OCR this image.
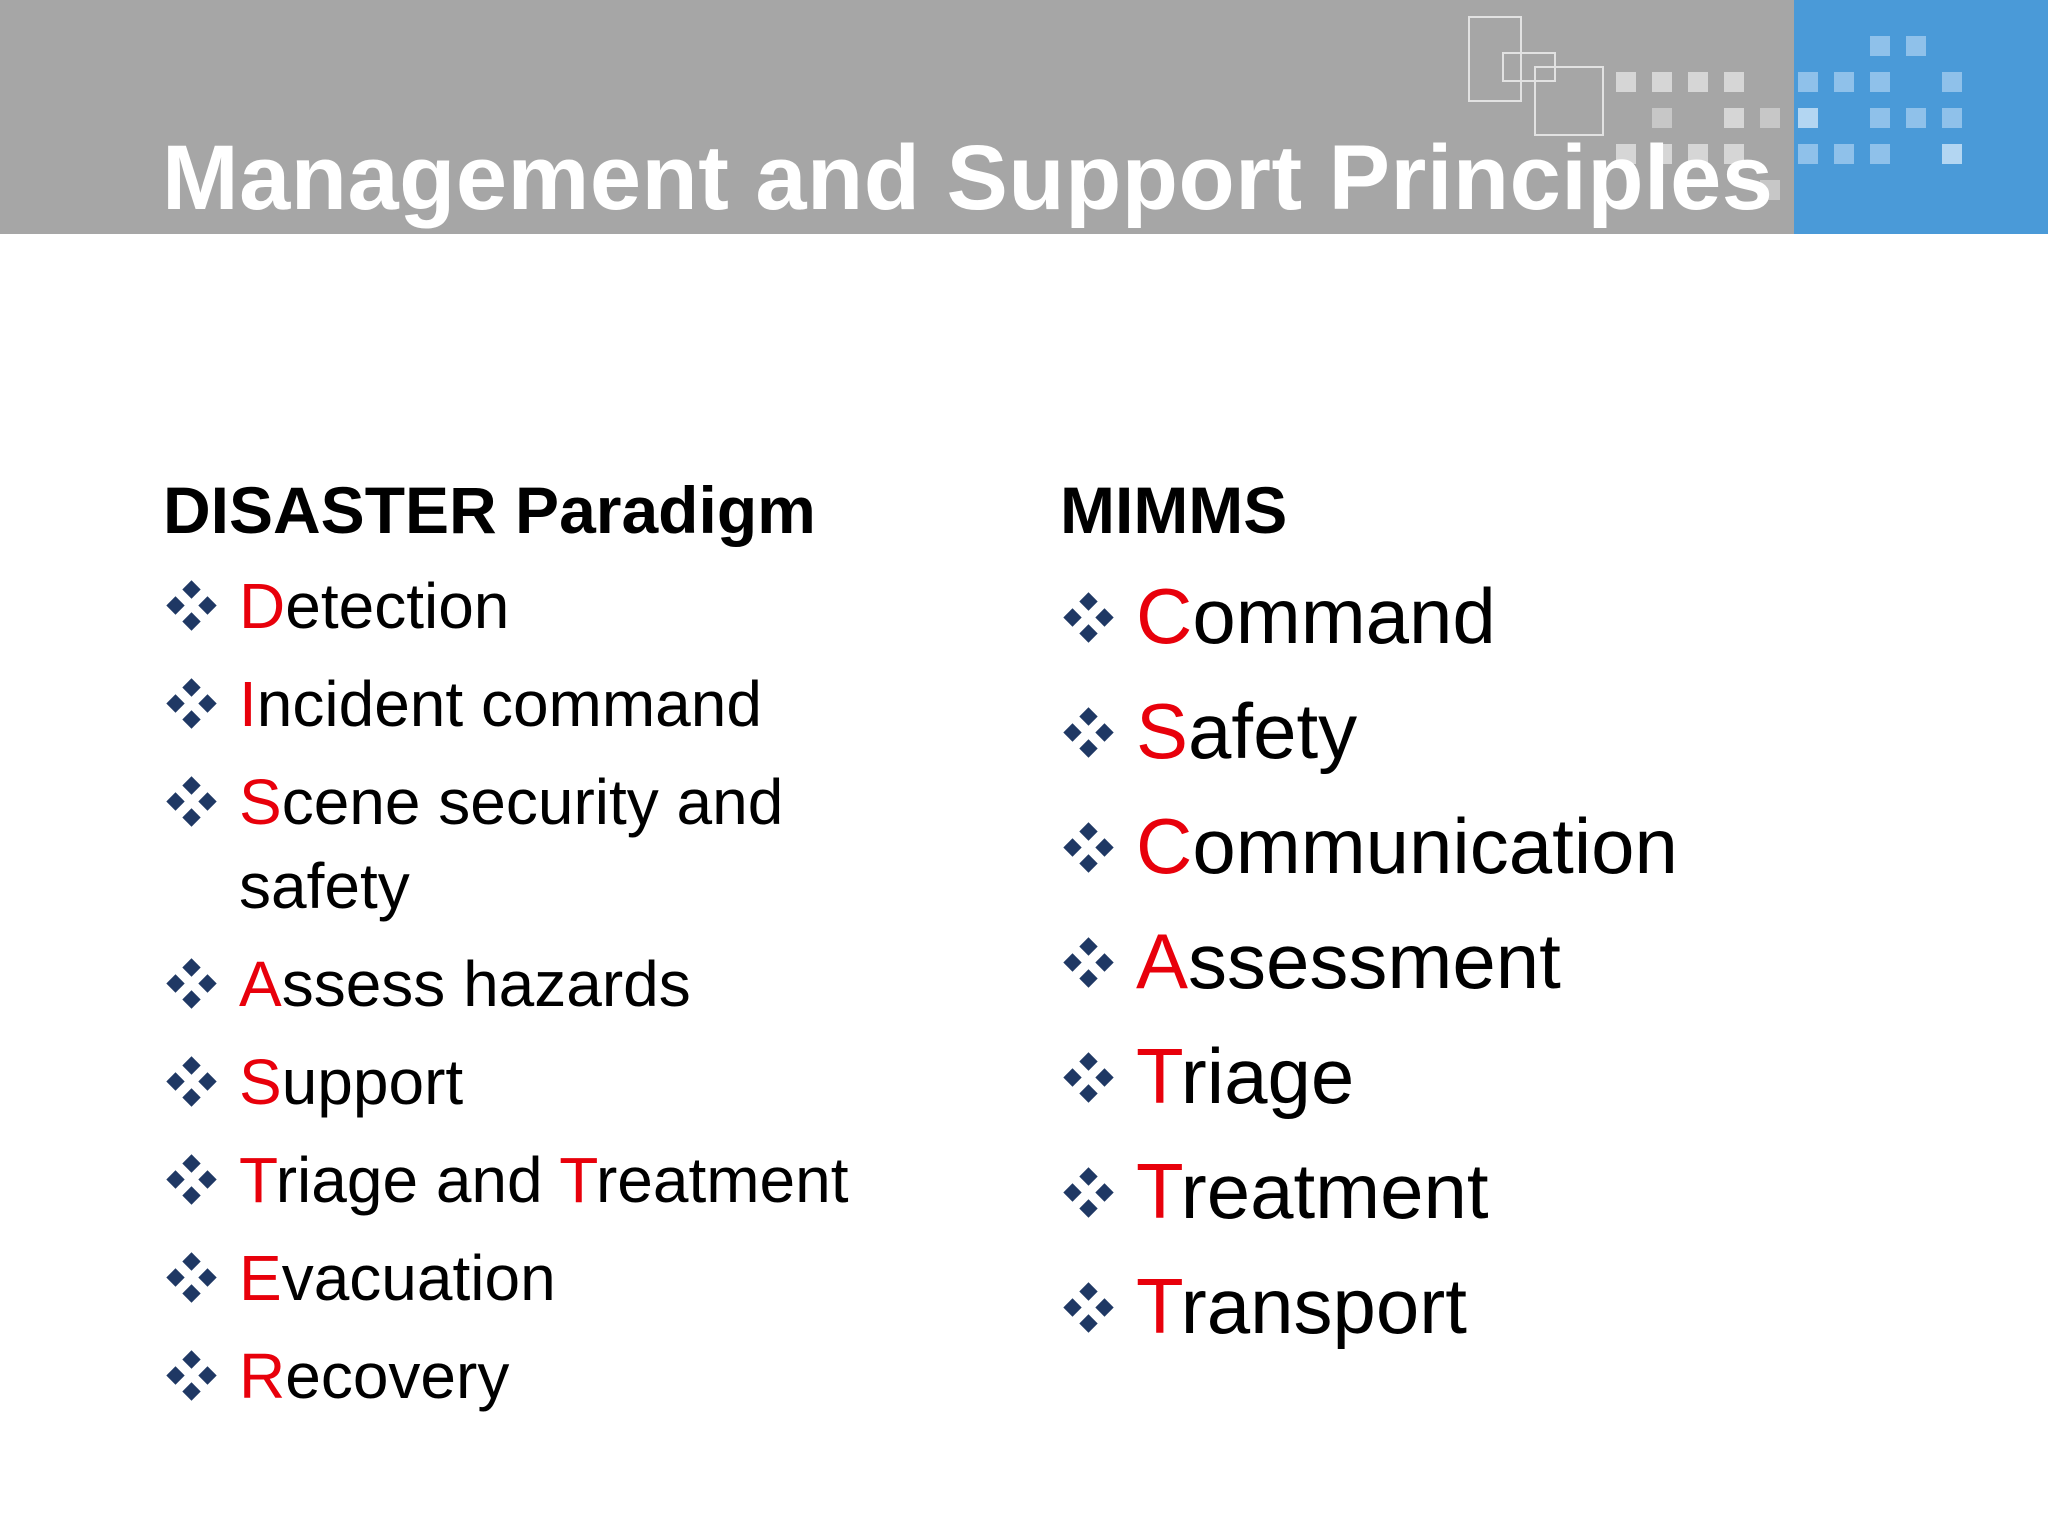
Management and Support Principles
DISASTER Paradigm
Detection
Incident command
Scene security and safety
Assess hazards
Support
Triage and Treatment
Evacuation
Recovery
MIMMS
Command
Safety
Communication
Assessment
Triage
Treatment
Transport
